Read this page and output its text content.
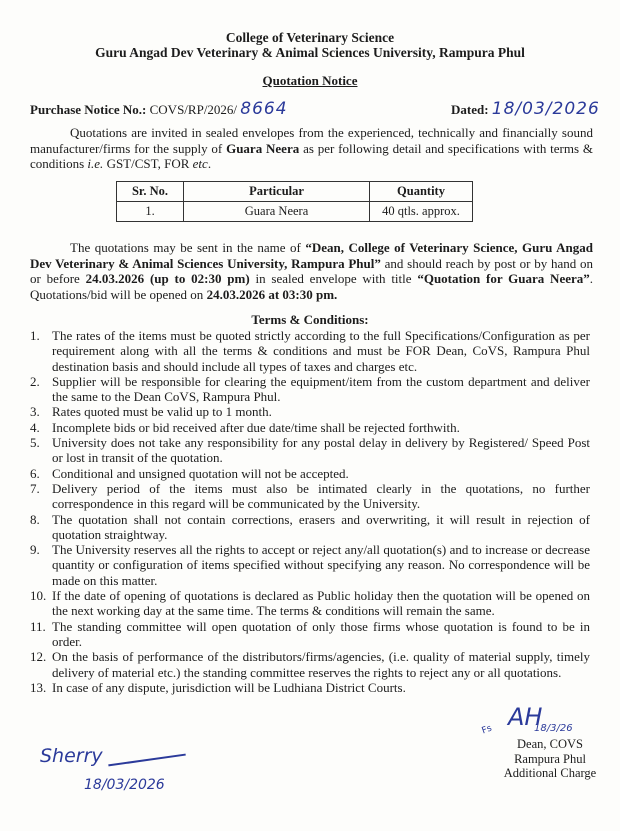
College of Veterinary Science
Guru Angad Dev Veterinary & Animal Sciences University, Rampura Phul
Quotation Notice
Purchase Notice No.: COVS/RP/2026/ 8664	Dated: 18/03/2026
Quotations are invited in sealed envelopes from the experienced, technically and financially sound manufacturer/firms for the supply of Guara Neera as per following detail and specifications with terms & conditions i.e. GST/CST, FOR etc.
Sr. No.	Particular	Quantity
1.	Guara Neera	40 qtls. approx.
The quotations may be sent in the name of “Dean, College of Veterinary Science, Guru Angad Dev Veterinary & Animal Sciences University, Rampura Phul” and should reach by post or by hand on or before 24.03.2026 (up to 02:30 pm) in sealed envelope with title “Quotation for Guara Neera”. Quotations/bid will be opened on 24.03.2026 at 03:30 pm.
Terms & Conditions:
1. The rates of the items must be quoted strictly according to the full Specifications/Configuration as per requirement along with all the terms & conditions and must be FOR Dean, CoVS, Rampura Phul destination basis and should include all types of taxes and charges etc.
2. Supplier will be responsible for clearing the equipment/item from the custom department and deliver the same to the Dean CoVS, Rampura Phul.
3. Rates quoted must be valid up to 1 month.
4. Incomplete bids or bid received after due date/time shall be rejected forthwith.
5. University does not take any responsibility for any postal delay in delivery by Registered/ Speed Post or lost in transit of the quotation.
6. Conditional and unsigned quotation will not be accepted.
7. Delivery period of the items must also be intimated clearly in the quotations, no further correspondence in this regard will be communicated by the University.
8. The quotation shall not contain corrections, erasers and overwriting, it will result in rejection of quotation straightway.
9. The University reserves all the rights to accept or reject any/all quotation(s) and to increase or decrease quantity or configuration of items specified without specifying any reason. No correspondence will be made on this matter.
10. If the date of opening of quotations is declared as Public holiday then the quotation will be opened on the next working day at the same time. The terms & conditions will remain the same.
11. The standing committee will open quotation of only those firms whose quotation is found to be in order.
12. On the basis of performance of the distributors/firms/agencies, (i.e. quality of material supply, timely delivery of material etc.) the standing committee reserves the rights to reject any or all quotations.
13. In case of any dispute, jurisdiction will be Ludhiana District Courts.
Fs AH
18/3/26
Dean, COVS
Rampura Phul
Additional Charge
Sherry
18/03/2026
